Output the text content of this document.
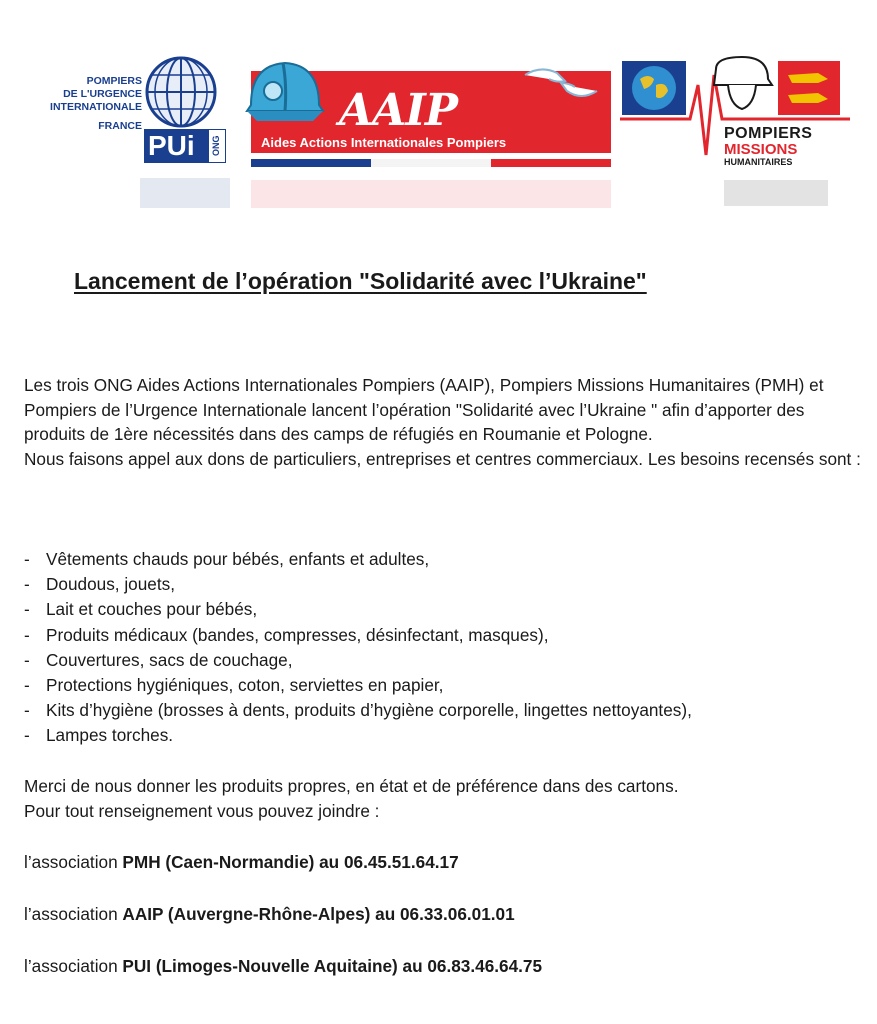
POMPIERS
DE L'URGENCE
INTERNATIONALE
FRANCE
PUi	ONG
AAIP
Aides Actions Internationales Pompiers
POMPIERS
MISSIONS
HUMANITAIRES
Lancement de l’opération "Solidarité avec l’Ukraine"

Les trois ONG Aides Actions Internationales Pompiers (AAIP), Pompiers Missions Humanitaires (PMH) et Pompiers de l’Urgence Internationale lancent l’opération "Solidarité avec l’Ukraine " afin d’apporter des produits de 1ère nécessités dans des camps de réfugiés en Roumanie et Pologne.

Nous faisons appel aux dons de particuliers, entreprises et centres commerciaux. Les besoins recensés sont :

- Vêtements chauds pour bébés, enfants et adultes,
- Doudous, jouets,
- Lait et couches pour bébés,
- Produits médicaux (bandes, compresses, désinfectant, masques),
- Couvertures, sacs de couchage,
- Protections hygiéniques, coton, serviettes en papier,
- Kits d’hygiène (brosses à dents, produits d’hygiène corporelle, lingettes nettoyantes),
- Lampes torches.
Merci de nous donner les produits propres, en état et de préférence dans des cartons.
Pour tout renseignement vous pouvez joindre :
l’association PMH (Caen-Normandie) au 06.45.51.64.17
l’association AAIP (Auvergne-Rhône-Alpes) au 06.33.06.01.01
l’association PUI (Limoges-Nouvelle Aquitaine) au 06.83.46.64.75
